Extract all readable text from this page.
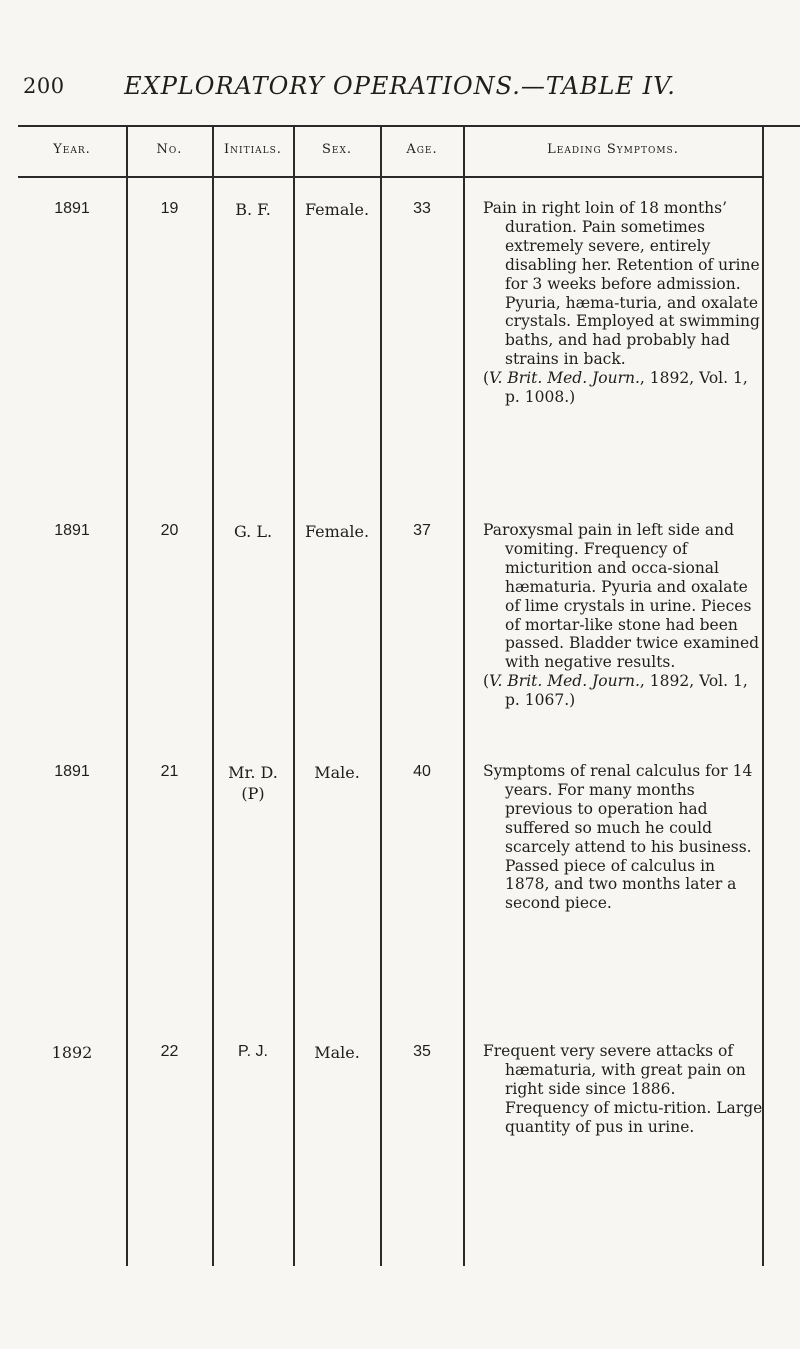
200	EXPLORATORY OPERATIONS.—TABLE IV.
Year.	No.	Initials.	Sex.	Age.	Leading Symptoms.
1891	19	B. F.	Female.	33	Pain in right loin of 18 months’ duration. Pain sometimes extremely severe, entirely disabling her. Retention of urine for 3 weeks before admission. Pyuria, hæma-turia, and oxalate crystals. Employed at swimming baths, and had probably had strains in back.
(V. Brit. Med. Journ., 1892, Vol. 1, p. 1008.)
1891	20	G. L.	Female.	37	Paroxysmal pain in left side and vomiting. Frequency of micturition and occa-sional hæmaturia. Pyuria and oxalate of lime crystals in urine. Pieces of mortar-like stone had been passed. Bladder twice examined with negative results.
(V. Brit. Med. Journ., 1892, Vol. 1, p. 1067.)
1891	21	Mr. D.
(P)
Male.	40	Symptoms of renal calculus for 14 years. For many months previous to operation had suffered so much he could scarcely attend to his business. Passed piece of calculus in 1878, and two months later a second piece.
1892	22	P. J.	Male.	35	Frequent very severe attacks of hæmaturia, with great pain on right side since 1886. Frequency of mictu-rition. Large quantity of pus in urine.
